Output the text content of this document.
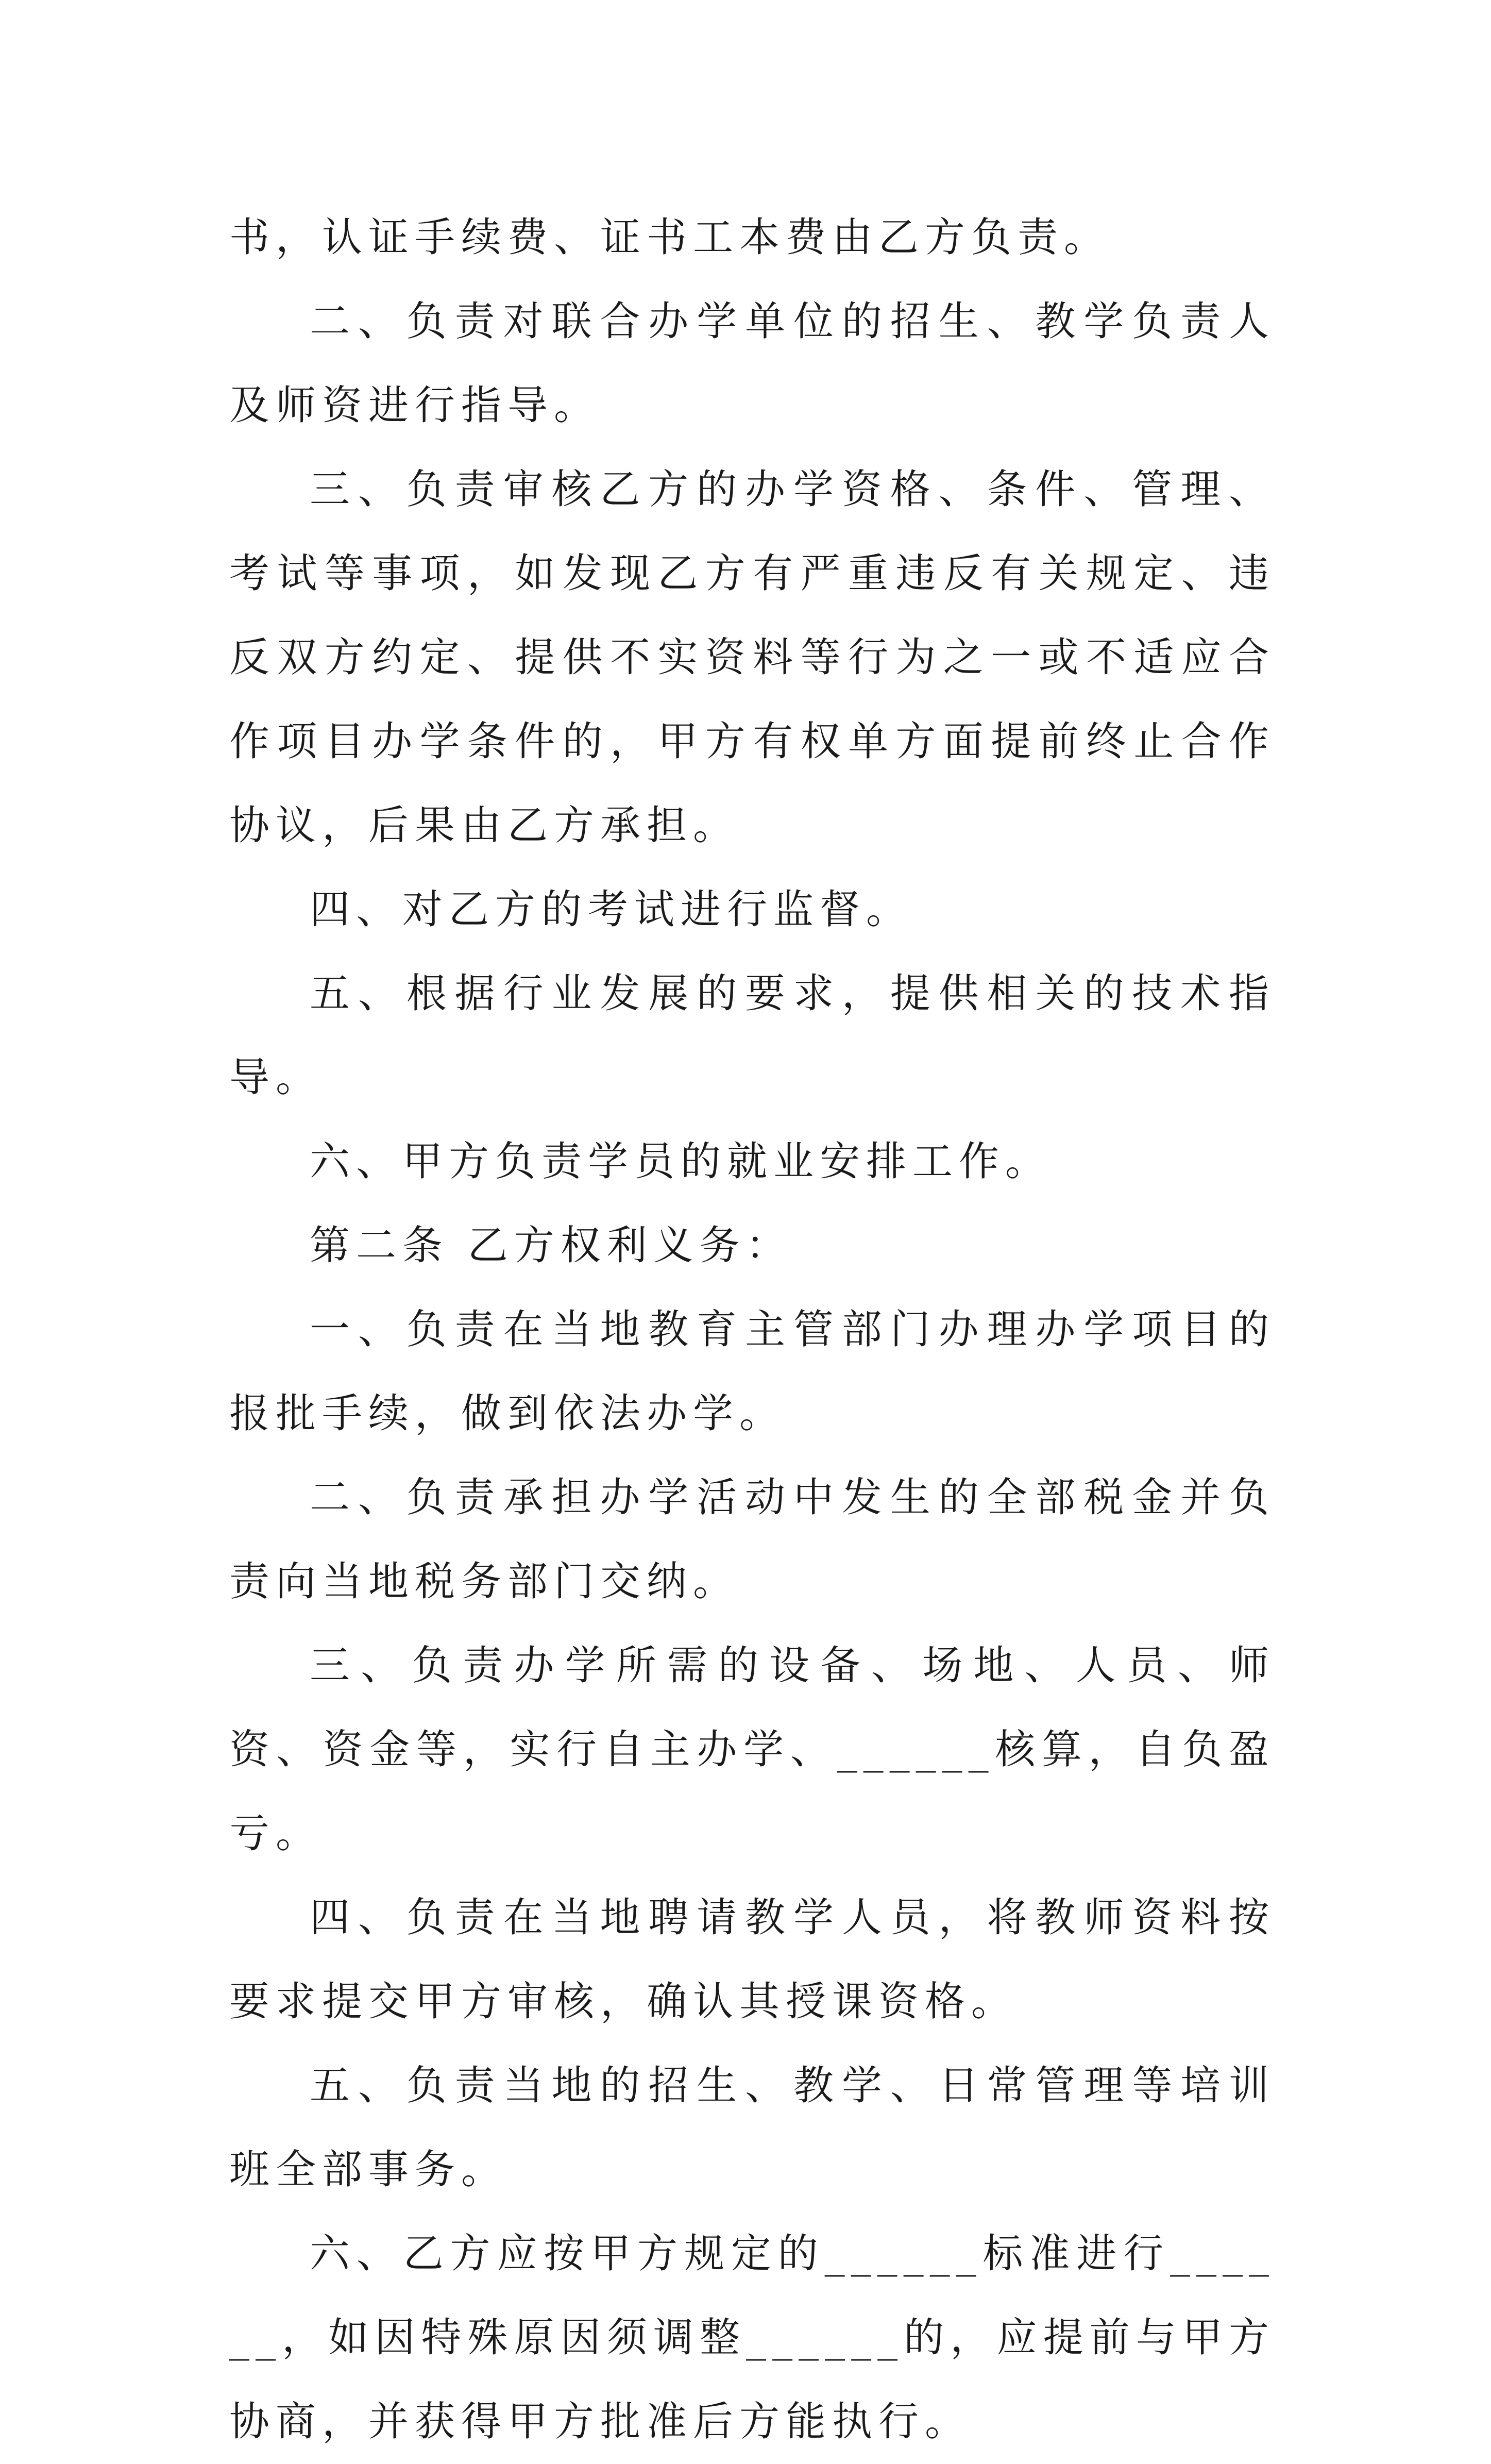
书，认证手续费、证书工本费由乙方负责。

二、负责对联合办学单位的招生、教学负责人及师资进行指导。

三、负责审核乙方的办学资格、条件、管理、考试等事项，如发现乙方有严重违反有关规定、违反双方约定、提供不实资料等行为之一或不适应合作项目办学条件的，甲方有权单方面提前终止合作协议，后果由乙方承担。

四、对乙方的考试进行监督。

五、根据行业发展的要求，提供相关的技术指导。

六、甲方负责学员的就业安排工作。

第二条 乙方权利义务：

一、负责在当地教育主管部门办理办学项目的报批手续，做到依法办学。

二、负责承担办学活动中发生的全部税金并负责向当地税务部门交纳。

三、负责办学所需的设备、场地、人员、师资、资金等，实行自主办学、______核算，自负盈亏。

四、负责在当地聘请教学人员，将教师资料按要求提交甲方审核，确认其授课资格。

五、负责当地的招生、教学、日常管理等培训班全部事务。

六、乙方应按甲方规定的______标准进行______，如因特殊原因须调整______的，应提前与甲方协商，并获得甲方批准后方能执行。
